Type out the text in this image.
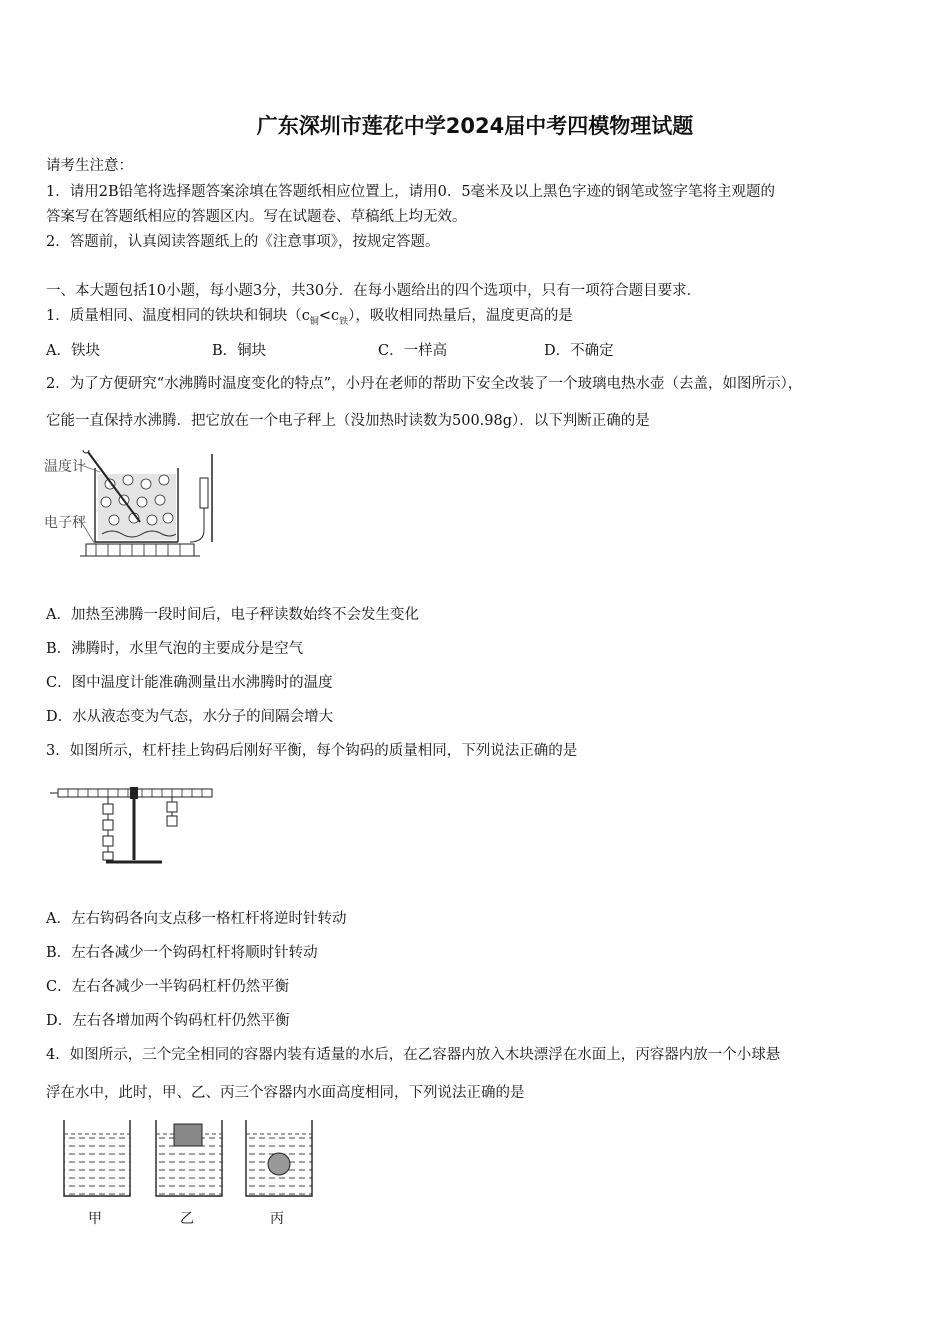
广东深圳市莲花中学2024届中考四模物理试题
请考生注意：
1．请用2B铅笔将选择题答案涂填在答题纸相应位置上，请用0．5毫米及以上黑色字迹的钢笔或签字笔将主观题的
答案写在答题纸相应的答题区内。写在试题卷、草稿纸上均无效。
2．答题前，认真阅读答题纸上的《注意事项》，按规定答题。
一、本大题包括10小题，每小题3分，共30分．在每小题给出的四个选项中，只有一项符合题目要求．
1．质量相同、温度相同的铁块和铜块$(c_铜<c_铁)$，吸收相同热量后，温度更高的是
A．铁块	B．铜块	C．一样高	D．不确定
2．为了方便研究“水沸腾时温度变化的特点”，小丹在老师的帮助下安全改装了一个玻璃电热水壶（去盖，如图所示），
它能一直保持水沸腾．把它放在一个电子秤上（没加热时读数为500.98g）．以下判断正确的是
温度计
电子秤
A．加热至沸腾一段时间后，电子秤读数始终不会发生变化
B．沸腾时，水里气泡的主要成分是空气
C．图中温度计能准确测量出水沸腾时的温度
D．水从液态变为气态，水分子的间隔会增大
3．如图所示，杠杆挂上钩码后刚好平衡，每个钩码的质量相同，下列说法正确的是
A．左右钩码各向支点移一格杠杆将逆时针转动
B．左右各减少一个钩码杠杆将顺时针转动
C．左右各减少一半钩码杠杆仍然平衡
D．左右各增加两个钩码杠杆仍然平衡
4．如图所示，三个完全相同的容器内装有适量的水后，在乙容器内放入木块漂浮在水面上，丙容器内放一个小球悬
浮在水中，此时，甲、乙、丙三个容器内水面高度相同，下列说法正确的是
甲	乙	丙
